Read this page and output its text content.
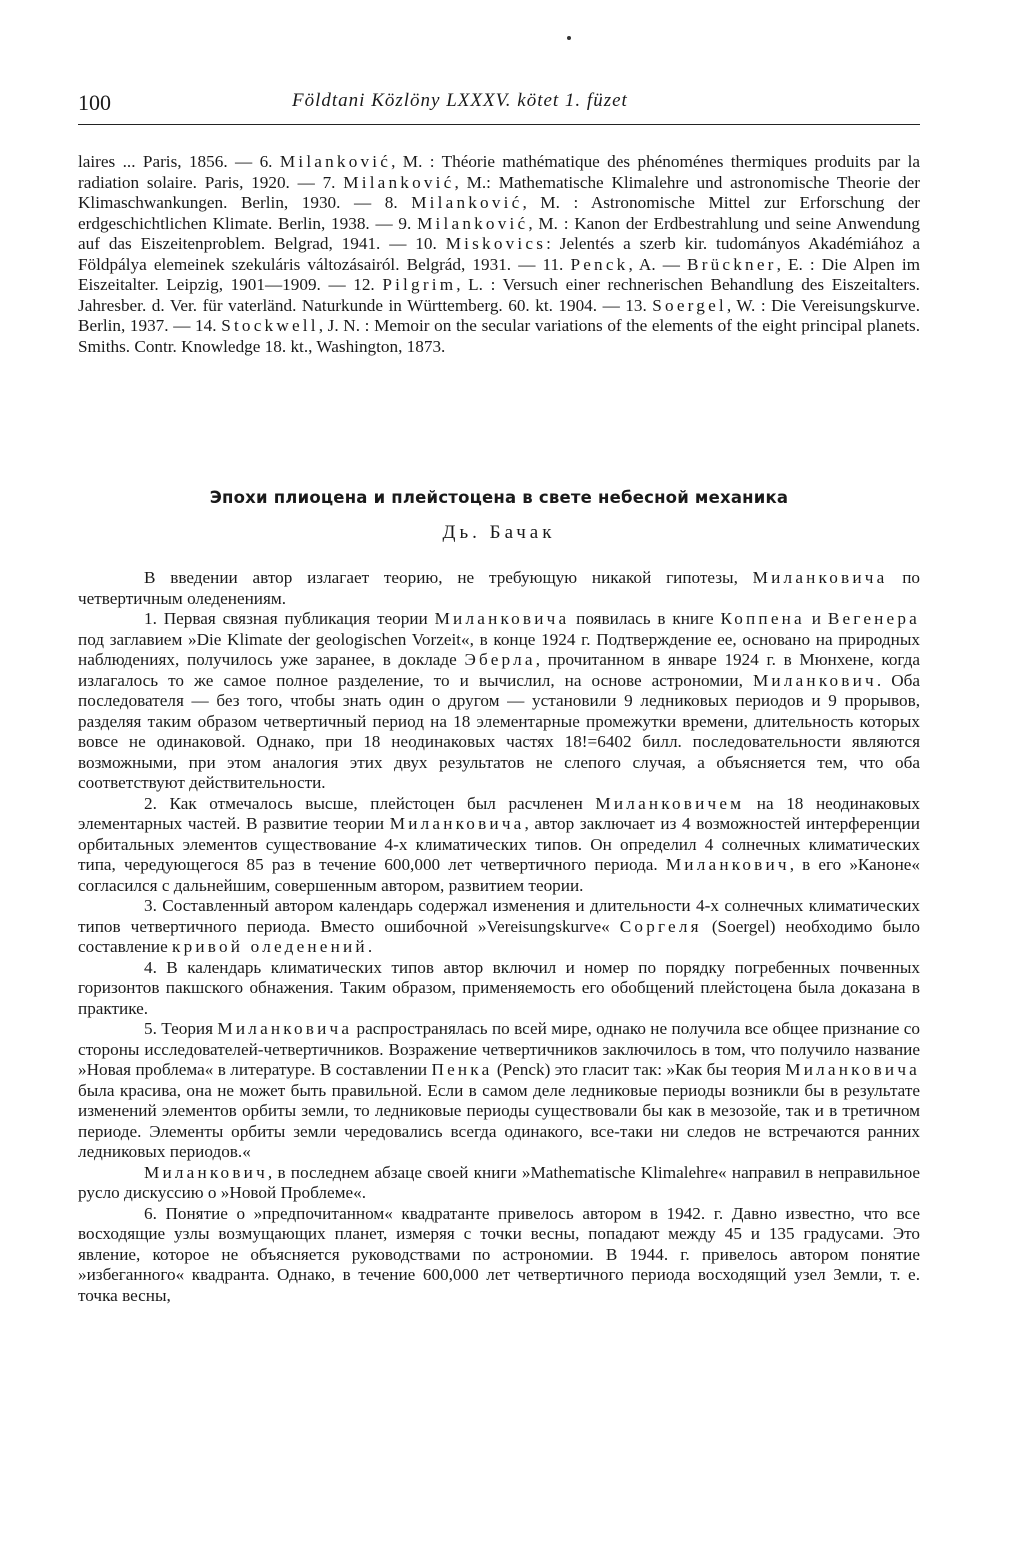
100	Földtani Közlöny LXXXV. kötet 1. füzet
laires ... Paris, 1856. — 6. Milanković, M. : Théorie mathématique des phénoménes thermiques produits par la radiation solaire. Paris, 1920. — 7. Milanković, M.: Mathematische Klimalehre und astronomische Theorie der Klimaschwankungen. Berlin, 1930. — 8. Milanković, M. : Astronomische Mittel zur Erforschung der erdgeschichtlichen Klimate. Berlin, 1938. — 9. Milanković, M. : Kanon der Erdbestrahlung und seine Anwendung auf das Eiszeitenproblem. Belgrad, 1941. — 10. Miskovics: Jelentés a szerb kir. tudományos Akadémiához a Földpálya elemeinek szekuláris változásairól. Belgrád, 1931. — 11. Penck, A. — Brückner, E. : Die Alpen im Eiszeitalter. Leipzig, 1901—1909. — 12. Pilgrim, L. : Versuch einer rechnerischen Behandlung des Eiszeitalters. Jahresber. d. Ver. für vaterländ. Naturkunde in Württemberg. 60. kt. 1904. — 13. Soergel, W. : Die Vereisungskurve. Berlin, 1937. — 14. Stockwell, J. N. : Memoir on the secular variations of the elements of the eight principal planets. Smiths. Contr. Knowledge 18. kt., Washington, 1873.
Эпохи плиоцена и плейстоцена в свете небесной механика
Дь. Бачак

В введении автор излагает теорию, не требующую никакой гипотезы, Миланковича по четвертичным оледенениям.

1. Первая связная публикация теории Миланковича появилась в книге Коппена и Вегенера под заглавием »Die Klimate der geologischen Vorzeit«, в конце 1924 г. Подтверждение ее, основано на природных наблюдениях, получилось уже заранее, в докладе Эберла, прочитанном в январе 1924 г. в Мюнхене, когда излагалось то же самое полное разделение, то и вычислил, на основе астрономии, Миланкович. Оба последователя — без того, чтобы знать один о другом — установили 9 ледниковых периодов и 9 прорывов, разделяя таким образом четвертичный период на 18 элементарные промежутки времени, длительность которых вовсе не одинаковой. Однако, при 18 неодинаковых частях 18!=6402 билл. последовательности являются возможными, при этом аналогия этих двух результатов не слепого случая, а объясняется тем, что оба соответствуют действительности.

2. Как отмечалось высше, плейстоцен был расчленен Миланковичем на 18 неодинаковых элементарных частей. В развитие теории Миланковича, автор заключает из 4 возможностей интерференции орбитальных элементов существование 4-х климатических типов. Он определил 4 солнечных климатических типа, чередующегося 85 раз в течение 600,000 лет четвертичного периода. Миланкович, в его »Каноне« согласился с дальнейшим, совершенным автором, развитием теории.

3. Составленный автором календарь содержал изменения и длительности 4-х солнечных климатических типов четвертичного периода. Вместо ошибочной »Vereisungskurve« Соргеля (Soergel) необходимо было составление кривой оледенений.

4. В календарь климатических типов автор включил и номер по порядку погребенных почвенных горизонтов пакшского обнажения. Таким образом, применяемость его обобщений плейстоцена была доказана в практике.

5. Теория Миланковича распространялась по всей мире, однако не получила все общее признание со стороны исследователей-четвертичников. Возражение четвертичников заключилось в том, что получило название »Новая проблема« в литературе. В составлении Пенка (Penck) это гласит так: »Как бы теория Миланковича была красива, она не может быть правильной. Если в самом деле ледниковые периоды возникли бы в результате изменений элементов орбиты земли, то ледниковые периоды существовали бы как в мезозойе, так и в третичном периоде. Элементы орбиты земли чередовались всегда одинакого, все-таки ни следов не встречаются ранних ледниковых периодов.«

Миланкович, в последнем абзаце своей книги »Mathematische Klimalehre« направил в неправильное русло дискуссию о »Новой Проблеме«.

6. Понятие о »предпочитанном« квадратанте привелось автором в 1942. г. Давно известно, что все восходящие узлы возмущающих планет, измеряя с точки весны, попадают между 45 и 135 градусами. Это явление, которое не объясняется руководствами по астрономии. В 1944. г. привелось автором понятие »избеганного« квадранта. Однако, в течение 600,000 лет четвертичного периода восходящий узел Земли, т. е. точка весны,
